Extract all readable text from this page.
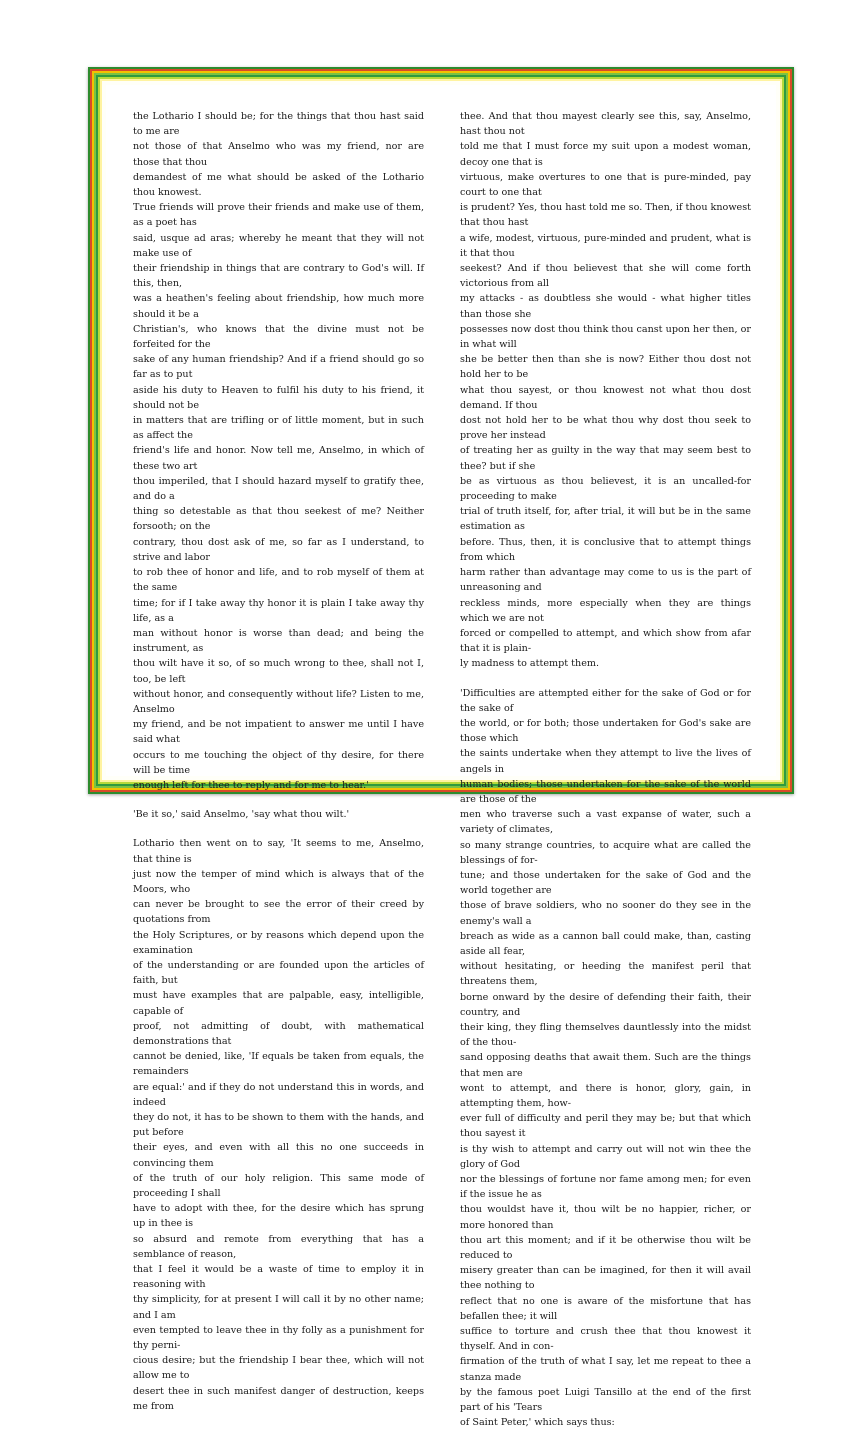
the Lothario I should be; for the things that thou hast said to me are
not those of that Anselmo who was my friend, nor are those that thou
demandest of me what should be asked of the Lothario thou knowest.
True friends will prove their friends and make use of them, as a poet has
said, usque ad aras; whereby he meant that they will not make use of
their friendship in things that are contrary to God's will. If this, then,
was a heathen's feeling about friendship, how much more should it be a
Christian's, who knows that the divine must not be forfeited for the
sake of any human friendship? And if a friend should go so far as to put
aside his duty to Heaven to fulfil his duty to his friend, it should not be
in matters that are trifling or of little moment, but in such as affect the
friend's life and honor. Now tell me, Anselmo, in which of these two art
thou imperiled, that I should hazard myself to gratify thee, and do a
thing so detestable as that thou seekest of me? Neither forsooth; on the
contrary, thou dost ask of me, so far as I understand, to strive and labor
to rob thee of honor and life, and to rob myself of them at the same
time; for if I take away thy honor it is plain I take away thy life, as a
man without honor is worse than dead; and being the instrument, as
thou wilt have it so, of so much wrong to thee, shall not I, too, be left
without honor, and consequently without life? Listen to me, Anselmo
my friend, and be not impatient to answer me until I have said what
occurs to me touching the object of thy desire, for there will be time
enough left for thee to reply and for me to hear.'

'Be it so,' said Anselmo, 'say what thou wilt.'

Lothario then went on to say, 'It seems to me, Anselmo, that thine is
just now the temper of mind which is always that of the Moors, who
can never be brought to see the error of their creed by quotations from
the Holy Scriptures, or by reasons which depend upon the examination
of the understanding or are founded upon the articles of faith, but
must have examples that are palpable, easy, intelligible, capable of
proof, not admitting of doubt, with mathematical demonstrations that
cannot be denied, like, 'If equals be taken from equals, the remainders
are equal:' and if they do not understand this in words, and indeed
they do not, it has to be shown to them with the hands, and put before
their eyes, and even with all this no one succeeds in convincing them
of the truth of our holy religion. This same mode of proceeding I shall
have to adopt with thee, for the desire which has sprung up in thee is
so absurd and remote from everything that has a semblance of reason,
that I feel it would be a waste of time to employ it in reasoning with
thy simplicity, for at present I will call it by no other name; and I am
even tempted to leave thee in thy folly as a punishment for thy perni-
cious desire; but the friendship I bear thee, which will not allow me to
desert thee in such manifest danger of destruction, keeps me from

thee. And that thou mayest clearly see this, say, Anselmo, hast thou not
told me that I must force my suit upon a modest woman, decoy one that is
virtuous, make overtures to one that is pure-minded, pay court to one that
is prudent? Yes, thou hast told me so. Then, if thou knowest that thou hast
a wife, modest, virtuous, pure-minded and prudent, what is it that thou
seekest? And if thou believest that she will come forth victorious from all
my attacks - as doubtless she would - what higher titles than those she
possesses now dost thou think thou canst upon her then, or in what will
she be better then than she is now? Either thou dost not hold her to be
what thou sayest, or thou knowest not what thou dost demand. If thou
dost not hold her to be what thou why dost thou seek to prove her instead
of treating her as guilty in the way that may seem best to thee? but if she
be as virtuous as thou believest, it is an uncalled-for proceeding to make
trial of truth itself, for, after trial, it will but be in the same estimation as
before. Thus, then, it is conclusive that to attempt things from which
harm rather than advantage may come to us is the part of unreasoning and
reckless minds, more especially when they are things which we are not
forced or compelled to attempt, and which show from afar that it is plain-
ly madness to attempt them.

'Difficulties are attempted either for the sake of God or for the sake of
the world, or for both; those undertaken for God's sake are those which
the saints undertake when they attempt to live the lives of angels in
human bodies; those undertaken for the sake of the world are those of the
men who traverse such a vast expanse of water, such a variety of climates,
so many strange countries, to acquire what are called the blessings of for-
tune; and those undertaken for the sake of God and the world together are
those of brave soldiers, who no sooner do they see in the enemy's wall a
breach as wide as a cannon ball could make, than, casting aside all fear,
without hesitating, or heeding the manifest peril that threatens them,
borne onward by the desire of defending their faith, their country, and
their king, they fling themselves dauntlessly into the midst of the thou-
sand opposing deaths that await them. Such are the things that men are
wont to attempt, and there is honor, glory, gain, in attempting them, how-
ever full of difficulty and peril they may be; but that which thou sayest it
is thy wish to attempt and carry out will not win thee the glory of God
nor the blessings of fortune nor fame among men; for even if the issue he as
thou wouldst have it, thou wilt be no happier, richer, or more honored than
thou art this moment; and if it be otherwise thou wilt be reduced to
misery greater than can be imagined, for then it will avail thee nothing to
reflect that no one is aware of the misfortune that has befallen thee; it will
suffice to torture and crush thee that thou knowest it thyself. And in con-
firmation of the truth of what I say, let me repeat to thee a stanza made
by the famous poet Luigi Tansillo at the end of the first part of his 'Tears
of Saint Peter,' which says thus:
